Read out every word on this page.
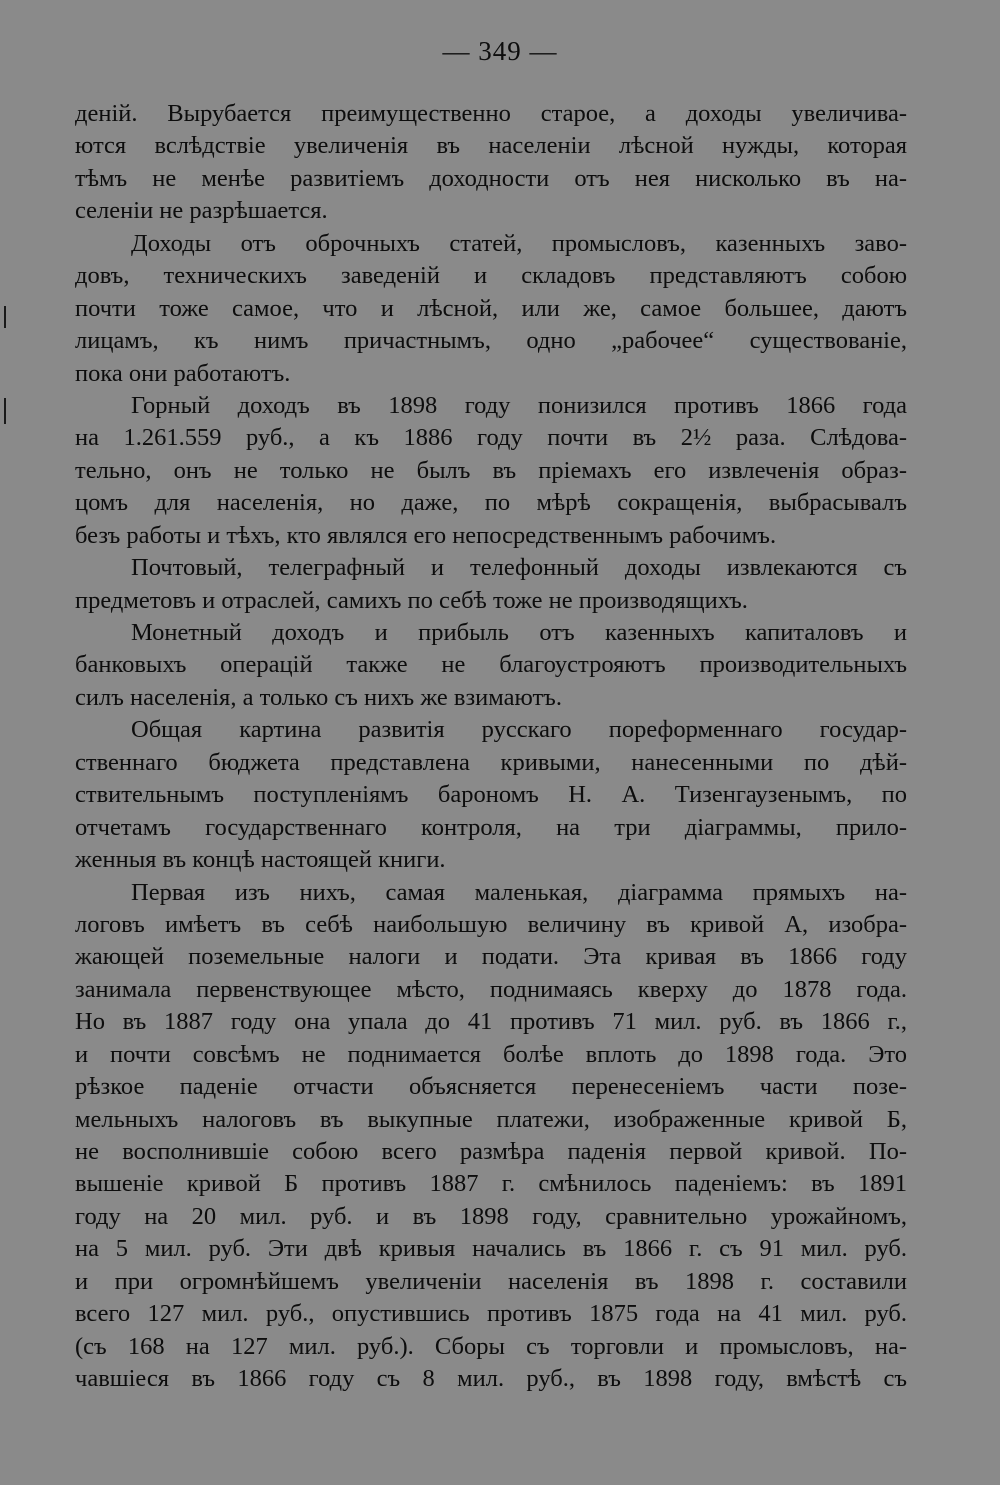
— 349 —
деній. Вырубается преимущественно старое, а доходы увеличива-
ются вслѣдствіе увеличенія въ населеніи лѣсной нужды, которая
тѣмъ не менѣе развитіемъ доходности отъ нея нисколько въ на-
селеніи не разрѣшается.
Доходы отъ оброчныхъ статей, промысловъ, казенныхъ заво-
довъ, техническихъ заведеній и складовъ представляютъ собою
почти тоже самое, что и лѣсной, или же, самое большее, даютъ
лицамъ, къ нимъ причастнымъ, одно „рабочее“ существованіе,
пока они работаютъ.
Горный доходъ въ 1898 году понизился противъ 1866 года
на 1.261.559 руб., а къ 1886 году почти въ 2½ раза. Слѣдова-
тельно, онъ не только не былъ въ пріемахъ его извлеченія образ-
цомъ для населенія, но даже, по мѣрѣ сокращенія, выбрасывалъ
безъ работы и тѣхъ, кто являлся его непосредственнымъ рабочимъ.
Почтовый, телеграфный и телефонный доходы извлекаются съ
предметовъ и отраслей, самихъ по себѣ тоже не производящихъ.
Монетный доходъ и прибыль отъ казенныхъ капиталовъ и
банковыхъ операцій также не благоустрояютъ производительныхъ
силъ населенія, а только съ нихъ же взимаютъ.
Общая картина развитія русскаго пореформеннаго государ-
ственнаго бюджета представлена кривыми, нанесенными по дѣй-
ствительнымъ поступленіямъ барономъ Н. А. Тизенгаузенымъ, по
отчетамъ государственнаго контроля, на три діаграммы, прило-
женныя въ концѣ настоящей книги.
Первая изъ нихъ, самая маленькая, діаграмма прямыхъ на-
логовъ имѣетъ въ себѣ наибольшую величину въ кривой А, изобра-
жающей поземельные налоги и подати. Эта кривая въ 1866 году
занимала первенствующее мѣсто, поднимаясь кверху до 1878 года.
Но въ 1887 году она упала до 41 противъ 71 мил. руб. въ 1866 г.,
и почти совсѣмъ не поднимается болѣе вплоть до 1898 года. Это
рѣзкое паденіе отчасти объясняется перенесеніемъ части позе-
мельныхъ налоговъ въ выкупные платежи, изображенные кривой Б,
не восполнившіе собою всего размѣра паденія первой кривой. По-
вышеніе кривой Б противъ 1887 г. смѣнилось паденіемъ: въ 1891
году на 20 мил. руб. и въ 1898 году, сравнительно урожайномъ,
на 5 мил. руб. Эти двѣ кривыя начались въ 1866 г. съ 91 мил. руб.
и при огромнѣйшемъ увеличеніи населенія въ 1898 г. составили
всего 127 мил. руб., опустившись противъ 1875 года на 41 мил. руб.
(съ 168 на 127 мил. руб.). Сборы съ торговли и промысловъ, на-
чавшіеся въ 1866 году съ 8 мил. руб., въ 1898 году, вмѣстѣ съ
